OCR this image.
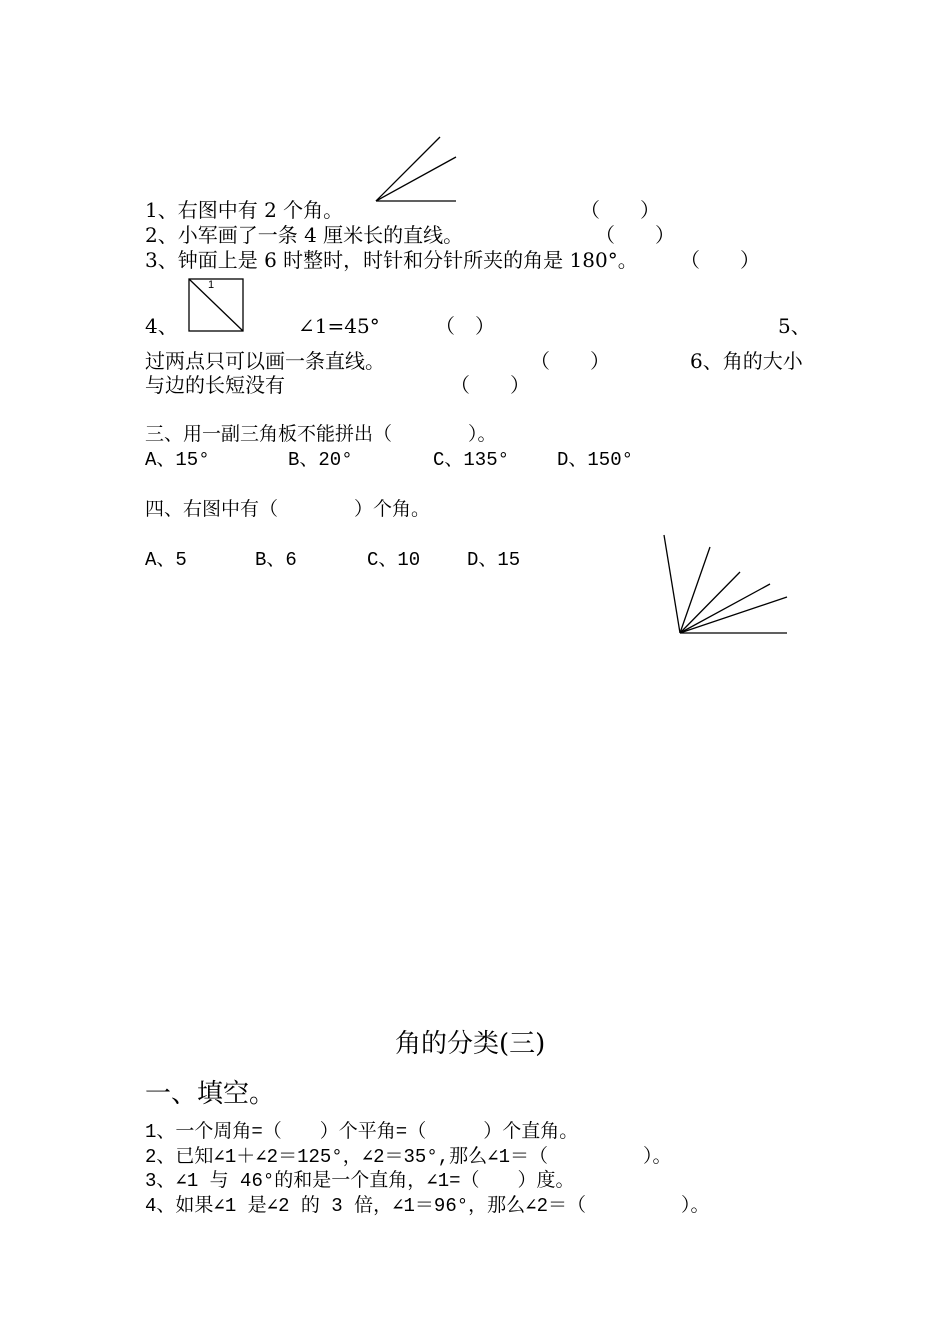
1、右图中有 2 个角。	（　　）
2、小军画了一条 4 厘米长的直线。	（　　）
3、钟面上是 6 时整时，时针和分针所夹的角是 180°。 （　　）
1
4、	∠1=45°	（　）	5、
过两点只可以画一条直线。	（　　）	6、角的大小
与边的长短没有	（　　）
三、用一副三角板不能拼出（　　　　）。
A、15°	B、20°	C、135°	D、150°
四、右图中有（　　　　）个角。
A、5	B、6	C、10 D、15
角的分类(三)
一、填空。
1、一个周角=（　　）个平角=（　　　）个直角。
2、已知∠1＋∠2＝125°，∠2＝35°,那么∠1＝（　　　　　）。
3、∠1 与 46°的和是一个直角，∠1=（　　）度。
4、如果∠1 是∠2 的 3 倍，∠1＝96°，那么∠2＝（　　　　　）。
